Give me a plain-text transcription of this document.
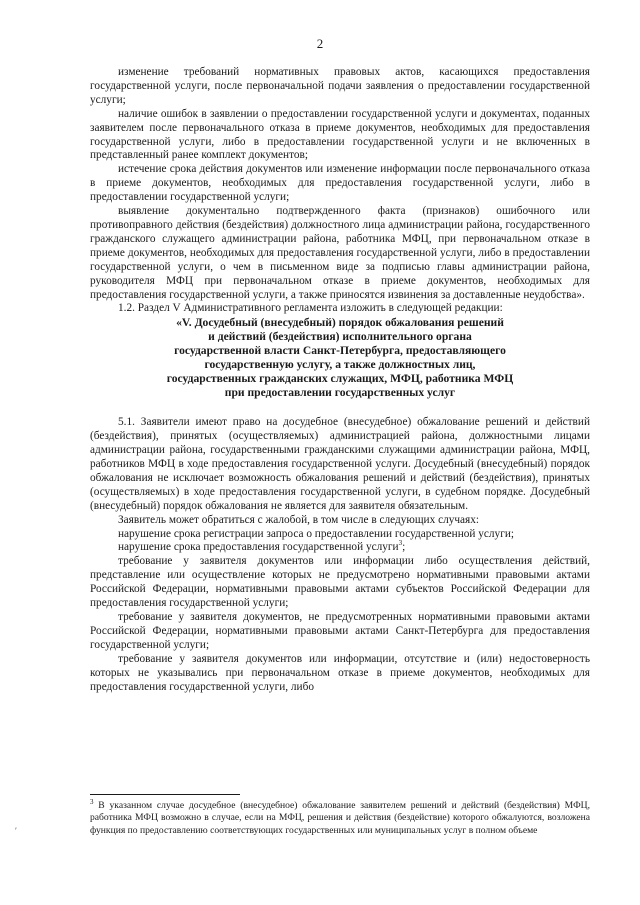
2

изменение требований нормативных правовых актов, касающихся предоставления государственной услуги, после первоначальной подачи заявления о предоставлении государственной услуги;

наличие ошибок в заявлении о предоставлении государственной услуги и документах, поданных заявителем после первоначального отказа в приеме документов, необходимых для предоставления государственной услуги, либо в предоставлении государственной услуги и не включенных в представленный ранее комплект документов;

истечение срока действия документов или изменение информации после первоначального отказа в приеме документов, необходимых для предоставления государственной услуги, либо в предоставлении государственной услуги;

выявление документально подтвержденного факта (признаков) ошибочного или противоправного действия (бездействия) должностного лица администрации района, государственного гражданского служащего администрации района, работника МФЦ, при первоначальном отказе в приеме документов, необходимых для предоставления государственной услуги, либо в предоставлении государственной услуги, о чем в письменном виде за подписью главы администрации района, руководителя МФЦ при первоначальном отказе в приеме документов, необходимых для предоставления государственной услуги, а также приносятся извинения за доставленные неудобства».

1.2. Раздел V Административного регламента изложить в следующей редакции:

«V. Досудебный (внесудебный) порядок обжалования решений
и действий (бездействия) исполнительного органа
государственной власти Санкт-Петербурга, предоставляющего
государственную услугу, а также должностных лиц,
государственных гражданских служащих, МФЦ, работника МФЦ
при предоставлении государственных услуг

5.1. Заявители имеют право на досудебное (внесудебное) обжалование решений и действий (бездействия), принятых (осуществляемых) администрацией района, должностными лицами администрации района, государственными гражданскими служащими администрации района, МФЦ, работников МФЦ в ходе предоставления государственной услуги. Досудебный (внесудебный) порядок обжалования не исключает возможность обжалования решений и действий (бездействия), принятых (осуществляемых) в ходе предоставления государственной услуги, в судебном порядке. Досудебный (внесудебный) порядок обжалования не является для заявителя обязательным.

Заявитель может обратиться с жалобой, в том числе в следующих случаях:

нарушение срока регистрации запроса о предоставлении государственной услуги;

нарушение срока предоставления государственной услуги$^3$;

требование у заявителя документов или информации либо осуществления действий, представление или осуществление которых не предусмотрено нормативными правовыми актами Российской Федерации, нормативными правовыми актами субъектов Российской Федерации для предоставления государственной услуги;

требование у заявителя документов, не предусмотренных нормативными правовыми актами Российской Федерации, нормативными правовыми актами Санкт-Петербурга для предоставления государственной услуги;

требование у заявителя документов или информации, отсутствие и (или) недостоверность которых не указывались при первоначальном отказе в приеме документов, необходимых для предоставления государственной услуги, либо

$^3$ В указанном случае досудебное (внесудебное) обжалование заявителем решений и действий (бездействия) МФЦ, работника МФЦ возможно в случае, если на МФЦ, решения и действия (бездействие) которого обжалуются, возложена функция по предоставлению соответствующих государственных или муниципальных услуг в полном объеме

′
